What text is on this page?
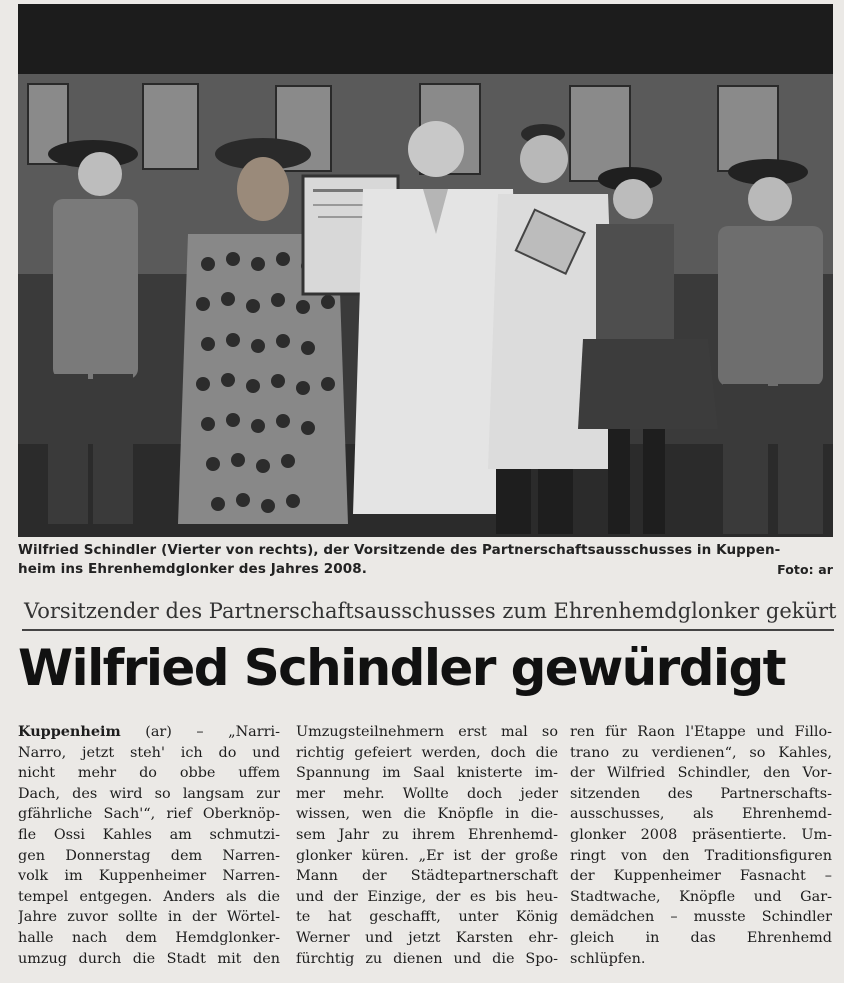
Wilfried Schindler (Vierter von rechts), der Vorsitzende des Partnerschaftsausschusses in Kuppen-
heim ins Ehrenhemdglonker des Jahres 2008.	Foto: ar
Vorsitzender des Partnerschaftsausschusses zum Ehrenhemdglonker gekürt
Wilfried Schindler gewürdigt
Kuppenheim (ar) – „Narri-
Narro, jetzt steh' ich do und
nicht mehr do obbe uffem
Dach, des wird so langsam zur
gfährliche Sach'“, rief Oberknöp-
fle Ossi Kahles am schmutzi-
gen Donnerstag dem Narren-
volk im Kuppenheimer Narren-
tempel entgegen. Anders als die
Jahre zuvor sollte in der Wörtel-
halle nach dem Hemdglonker-
umzug durch die Stadt mit den
Umzugsteilnehmern erst mal so
richtig gefeiert werden, doch die
Spannung im Saal knisterte im-
mer mehr. Wollte doch jeder
wissen, wen die Knöpfle in die-
sem Jahr zu ihrem Ehrenhemd-
glonker küren. „Er ist der große
Mann der Städtepartnerschaft
und der Einzige, der es bis heu-
te hat geschafft, unter König
Werner und jetzt Karsten ehr-
fürchtig zu dienen und die Spo-
ren für Raon l'Etappe und Fillo-
trano zu verdienen“, so Kahles,
der Wilfried Schindler, den Vor-
sitzenden des Partnerschafts-
ausschusses, als Ehrenhemd-
glonker 2008 präsentierte. Um-
ringt von den Traditionsfiguren
der Kuppenheimer Fasnacht –
Stadtwache, Knöpfle und Gar-
demädchen – musste Schindler
gleich in das Ehrenhemd
schlüpfen.
